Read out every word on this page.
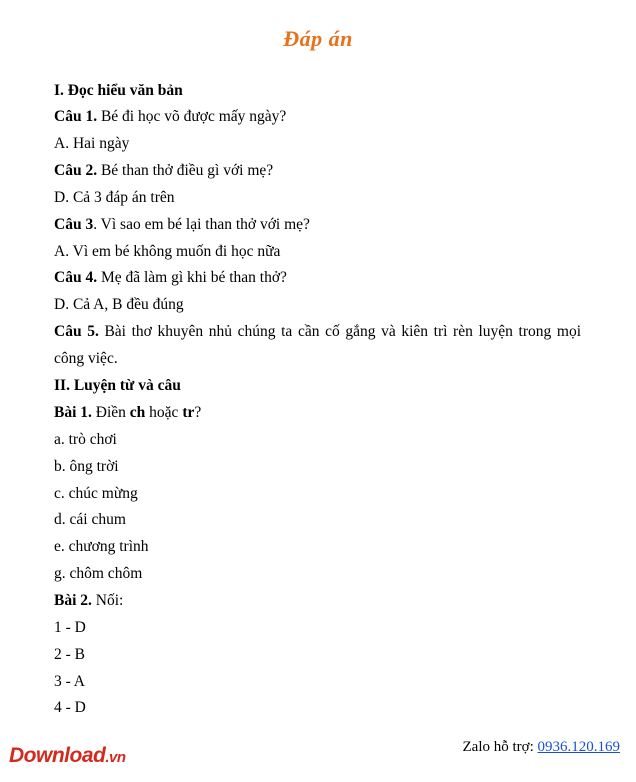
Đáp án
I. Đọc hiểu văn bản
Câu 1. Bé đi học võ được mấy ngày?
A. Hai ngày
Câu 2. Bé than thở điều gì với mẹ?
D. Cả 3 đáp án trên
Câu 3. Vì sao em bé lại than thở với mẹ?
A. Vì em bé không muốn đi học nữa
Câu 4. Mẹ đã làm gì khi bé than thở?
D. Cả A, B đều đúng
Câu 5. Bài thơ khuyên nhủ chúng ta cần cố gắng và kiên trì rèn luyện trong mọi
công việc.
II. Luyện từ và câu
Bài 1. Điền ch hoặc tr?
a. trò chơi
b. ông trời
c. chúc mừng
d. cái chum
e. chương trình
g. chôm chôm
Bài 2. Nối:
1 - D
2 - B
3 - A
4 - D
Download.vn
Zalo hỗ trợ: 0936.120.169
